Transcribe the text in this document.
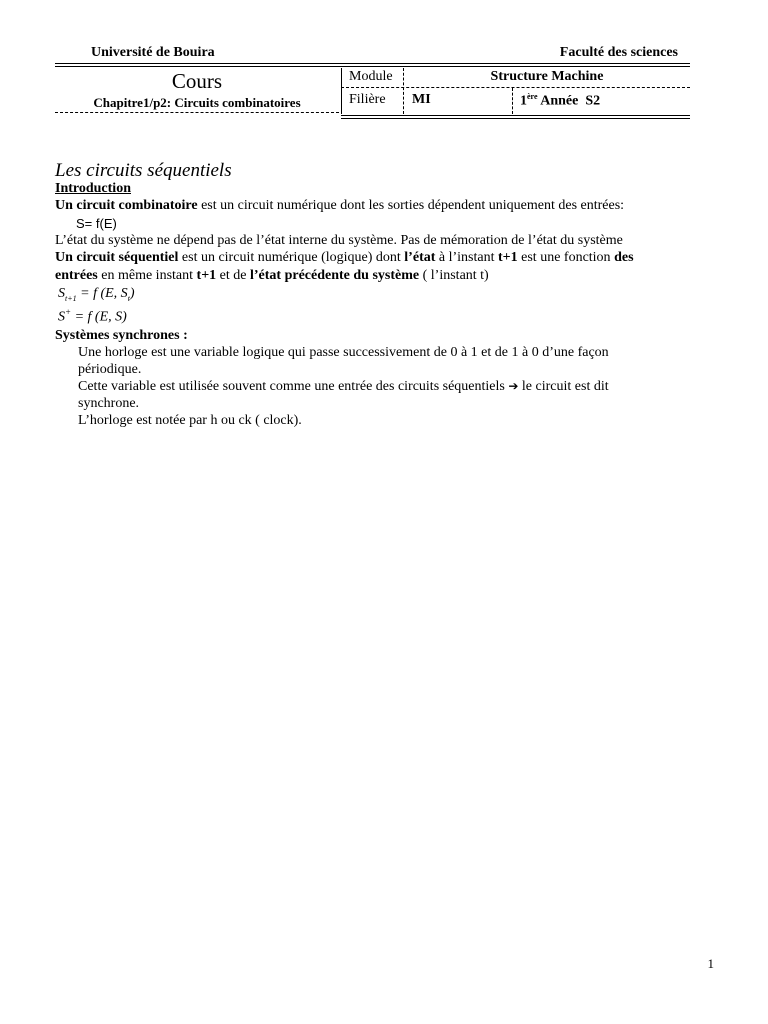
Université de Bouira	Faculté des sciences
Cours
Chapitre1/p2: Circuits combinatoires
Module	Structure Machine
Filière MI	1ère Année  S2
Les circuits séquentiels
Introduction
Un circuit combinatoire est un circuit numérique dont les sorties dépendent uniquement des entrées:
S= f(E)
L’état du système ne dépend pas de l’état interne du système. Pas de mémoration de l’état du système
Un circuit séquentiel est un circuit numérique (logique) dont l’état à l’instant t+1 est une fonction des
entrées en même instant t+1 et de l’état précédente du système ( l’instant t)
$S_{t+1} = f$ (E, $S_t$)
S+ = f (E, S)
Systèmes synchrones :
Une horloge est une variable logique qui passe successivement de 0 à 1 et de 1 à 0 d’une façon
périodique.
Cette variable est utilisée souvent comme une entrée des circuits séquentiels ➔ le circuit est dit
synchrone.
L’horloge est notée par h ou ck ( clock).
1
